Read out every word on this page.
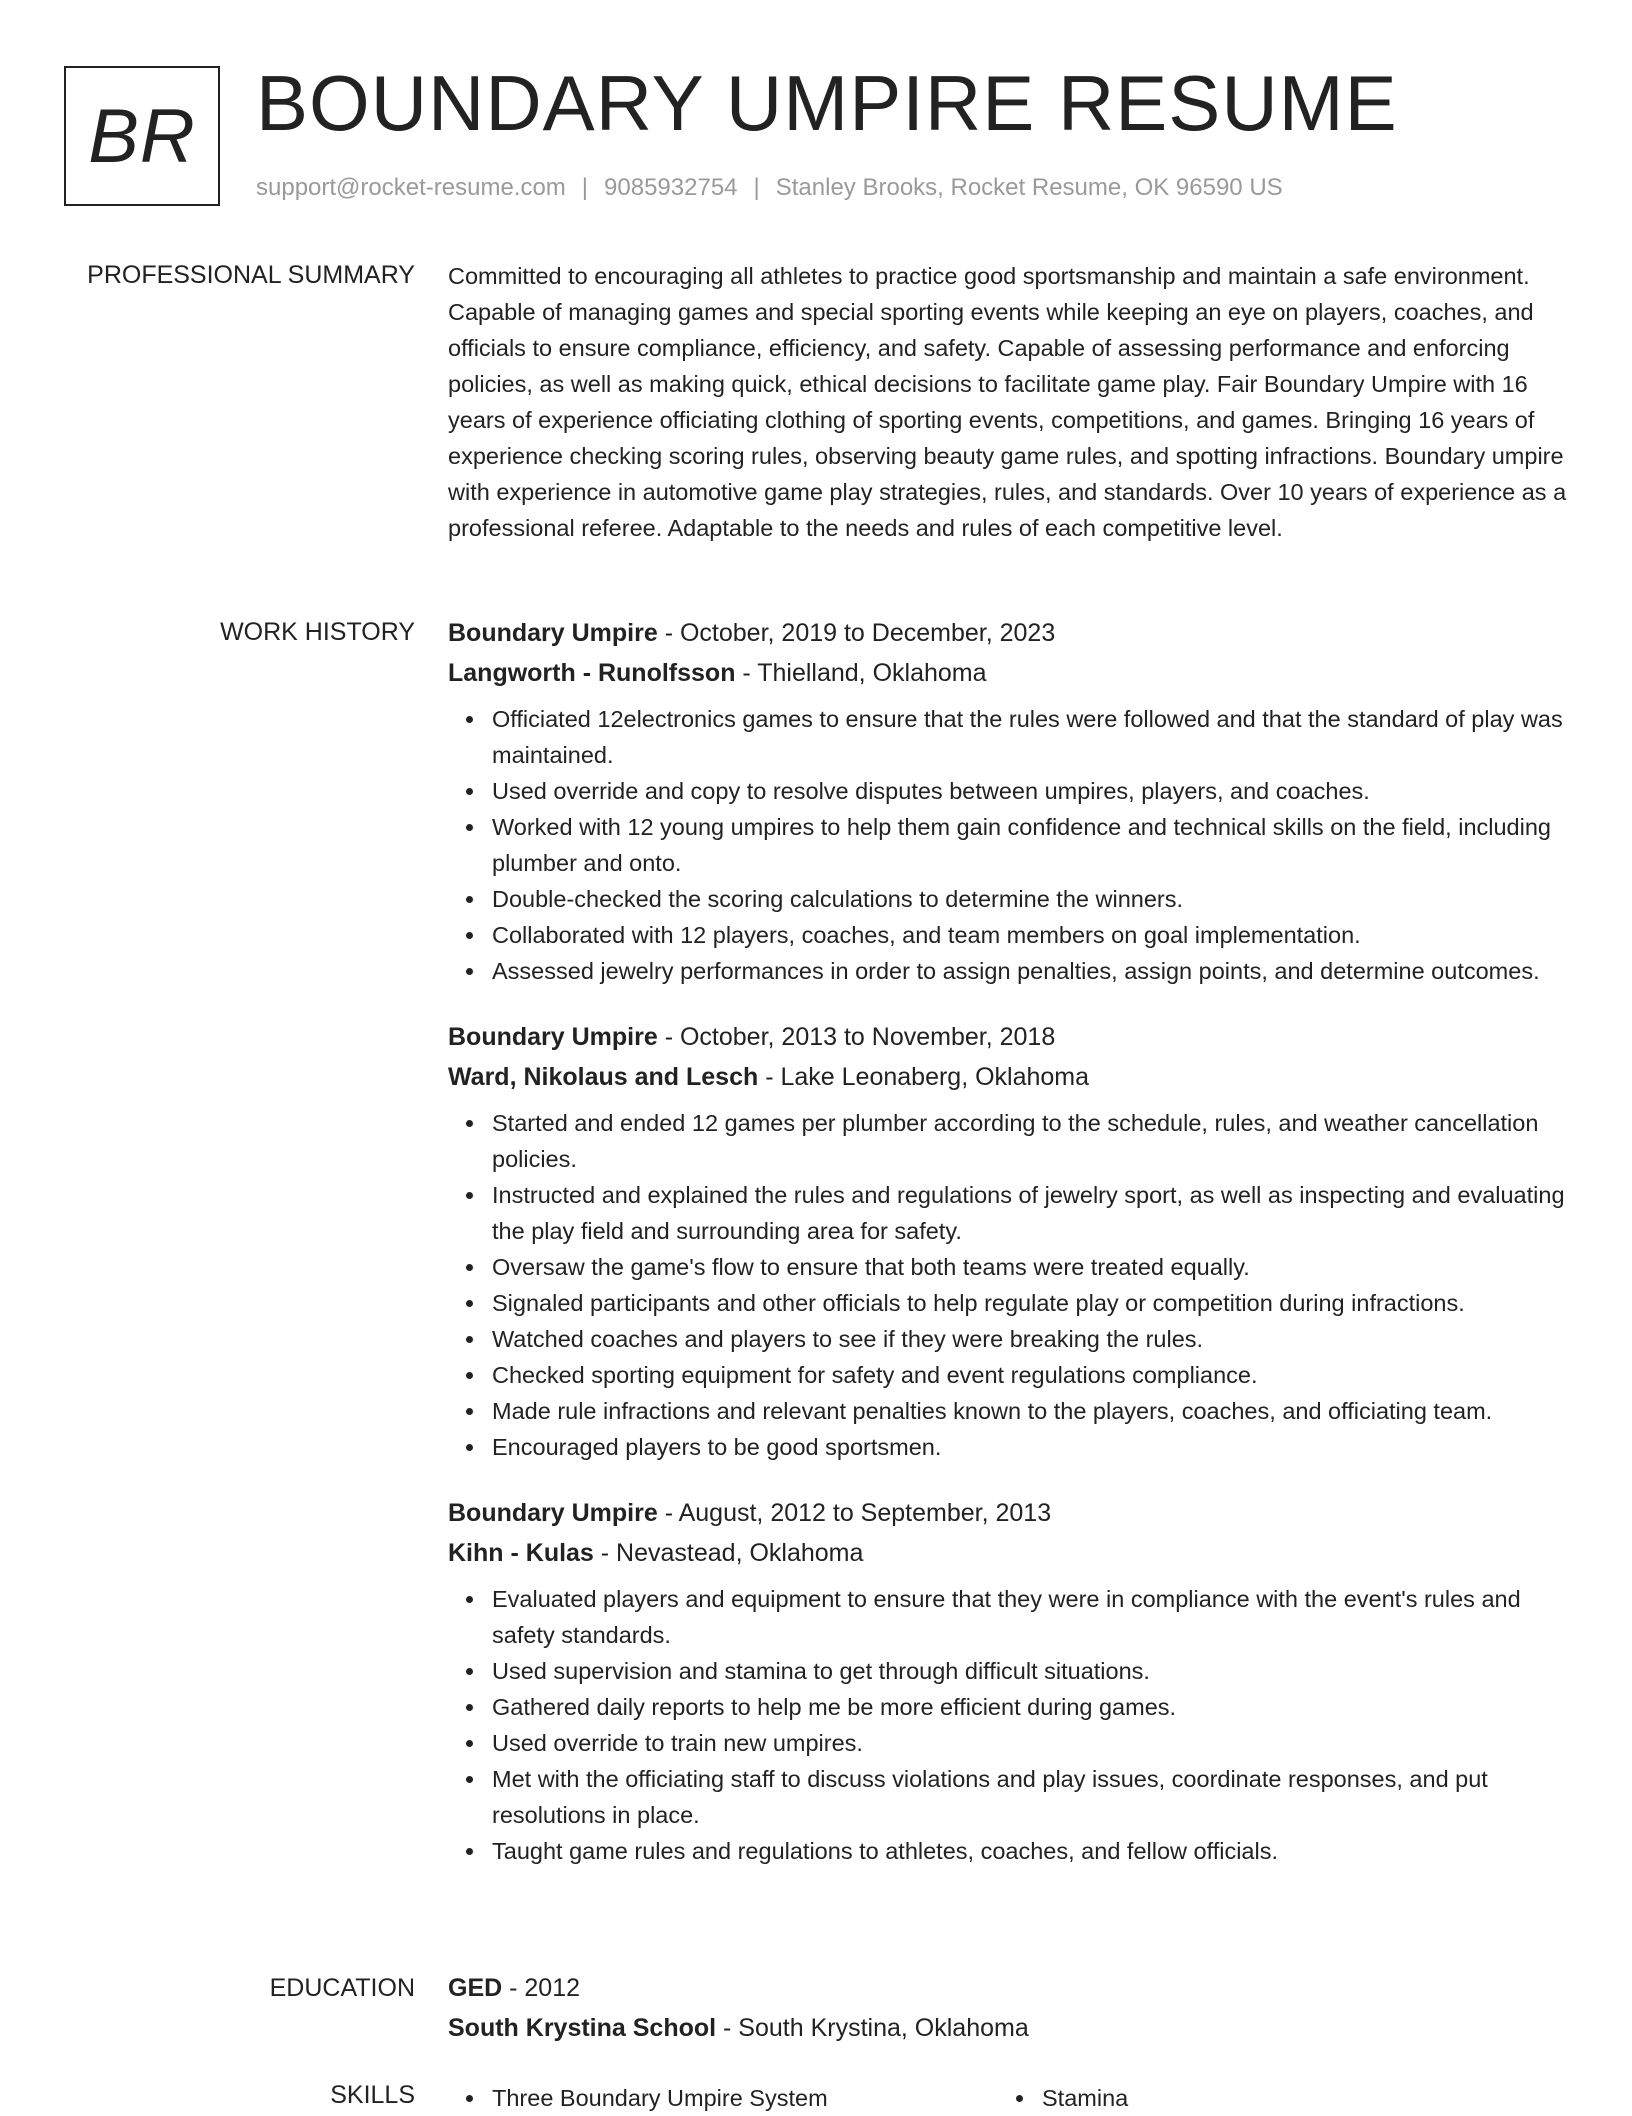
BR BOUNDARY UMPIRE RESUME
support@rocket-resume.com | 9085932754 | Stanley Brooks, Rocket Resume, OK 96590 US
PROFESSIONAL SUMMARY Committed to encouraging all athletes to practice good sportsmanship and maintain a safe environment. Capable of managing games and special sporting events while keeping an eye on players, coaches, and officials to ensure compliance, efficiency, and safety. Capable of assessing performance and enforcing policies, as well as making quick, ethical decisions to facilitate game play. Fair Boundary Umpire with 16 years of experience officiating clothing of sporting events, competitions, and games. Bringing 16 years of experience checking scoring rules, observing beauty game rules, and spotting infractions. Boundary umpire with experience in automotive game play strategies, rules, and standards. Over 10 years of experience as a professional referee. Adaptable to the needs and rules of each competitive level.

WORK HISTORY Boundary Umpire - October, 2019 to December, 2023
Langworth - Runolfsson - Thielland, Oklahoma
Officiated 12electronics games to ensure that the rules were followed and that the standard of play was maintained.
Used override and copy to resolve disputes between umpires, players, and coaches.
Worked with 12 young umpires to help them gain confidence and technical skills on the field, including plumber and onto.
Double-checked the scoring calculations to determine the winners.
Collaborated with 12 players, coaches, and team members on goal implementation.
Assessed jewelry performances in order to assign penalties, assign points, and determine outcomes.
Boundary Umpire - October, 2013 to November, 2018
Ward, Nikolaus and Lesch - Lake Leonaberg, Oklahoma
Started and ended 12 games per plumber according to the schedule, rules, and weather cancellation policies.
Instructed and explained the rules and regulations of jewelry sport, as well as inspecting and evaluating the play field and surrounding area for safety.
Oversaw the game's flow to ensure that both teams were treated equally.
Signaled participants and other officials to help regulate play or competition during infractions.
Watched coaches and players to see if they were breaking the rules.
Checked sporting equipment for safety and event regulations compliance.
Made rule infractions and relevant penalties known to the players, coaches, and officiating team.
Encouraged players to be good sportsmen.
Boundary Umpire - August, 2012 to September, 2013
Kihn - Kulas - Nevastead, Oklahoma
Evaluated players and equipment to ensure that they were in compliance with the event's rules and safety standards.
Used supervision and stamina to get through difficult situations.
Gathered daily reports to help me be more efficient during games.
Used override to train new umpires.
Met with the officiating staff to discuss violations and play issues, coordinate responses, and put resolutions in place.
Taught game rules and regulations to athletes, coaches, and fellow officials.
EDUCATION GED - 2012
South Krystina School - South Krystina, Oklahoma
SKILLS	Three Boundary Umpire System	Stamina
